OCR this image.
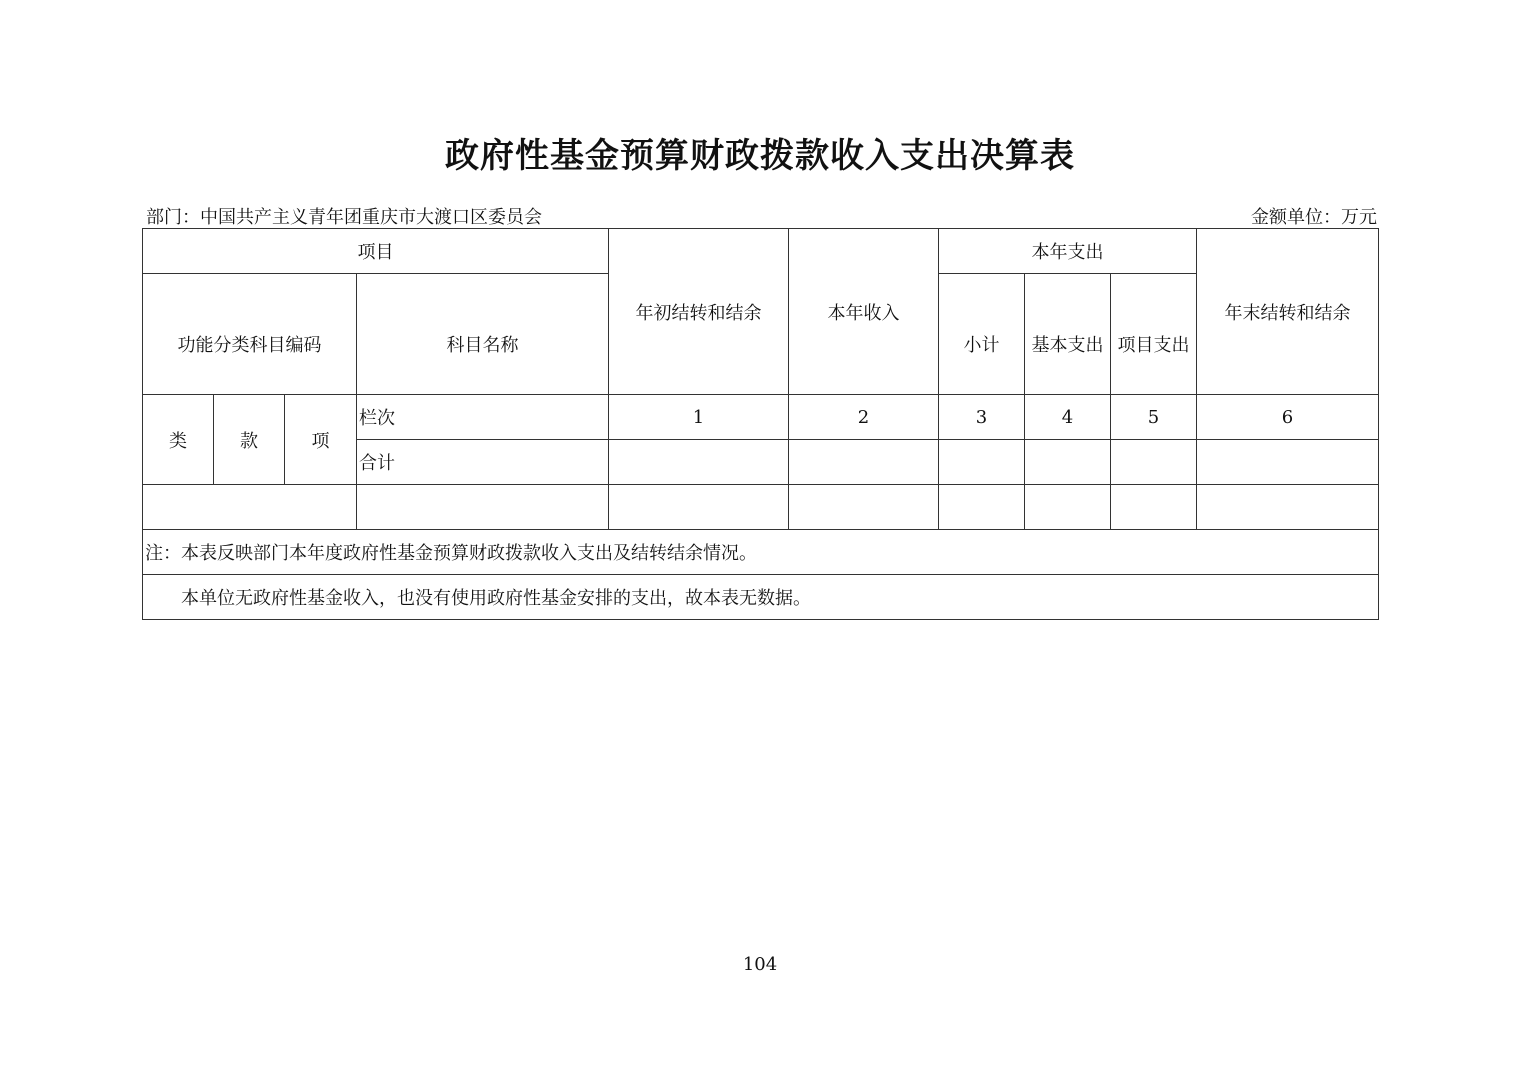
政府性基金预算财政拨款收入支出决算表
部门：中国共产主义青年团重庆市大渡口区委员会	金额单位：万元
项目				年初结转和结余	本年收入	本年支出			年末结转和结余
功能分类科目编码			科目名称			小计	基本支出	项目支出	
类	款	项	栏次	1	2	3	4	5	6
			合计						

注：本表反映部门本年度政府性基金预算财政拨款收入支出及结转结余情况。									
本单位无政府性基金收入，也没有使用政府性基金安排的支出，故本表无数据。									
104
